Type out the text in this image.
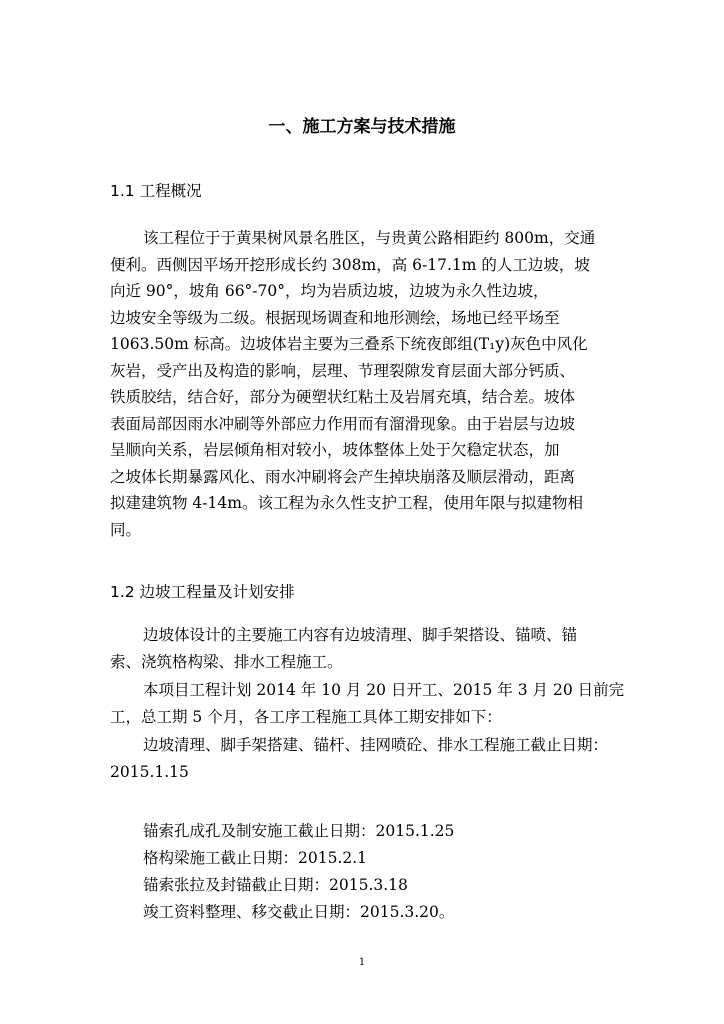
一、施工方案与技术措施
1.1 工程概况

该工程位于于黄果树风景名胜区，与贵黄公路相距约 800m，交通
便利。西侧因平场开挖形成长约 308m，高 6-17.1m 的人工边坡，坡
向近 90°，坡角 66°-70°，均为岩质边坡，边坡为永久性边坡，
边坡安全等级为二级。根据现场调查和地形测绘，场地已经平场至
1063.50m 标高。边坡体岩主要为三叠系下统夜郎组(T₁y)灰色中风化
灰岩，受产出及构造的影响，层理、节理裂隙发育层面大部分钙质、
铁质胶结，结合好，部分为硬塑状红粘土及岩屑充填，结合差。坡体
表面局部因雨水冲刷等外部应力作用而有溜滑现象。由于岩层与边坡
呈顺向关系，岩层倾角相对较小，坡体整体上处于欠稳定状态，加
之坡体长期暴露风化、雨水冲刷将会产生掉块崩落及顺层滑动，距离
拟建建筑物 4-14m。该工程为永久性支护工程，使用年限与拟建物相
同。

1.2 边坡工程量及计划安排

边坡体设计的主要施工内容有边坡清理、脚手架搭设、锚喷、锚
索、浇筑格构梁、排水工程施工。

本项目工程计划 2014 年 10 月 20 日开工、2015 年 3 月 20 日前完
工，总工期 5 个月，各工序工程施工具体工期安排如下：

边坡清理、脚手架搭建、锚杆、挂网喷砼、排水工程施工截止日期：
2015.1.15

锚索孔成孔及制安施工截止日期：2015.1.25
格构梁施工截止日期：2015.2.1
锚索张拉及封锚截止日期：2015.3.18
竣工资料整理、移交截止日期：2015.3.20。
1
